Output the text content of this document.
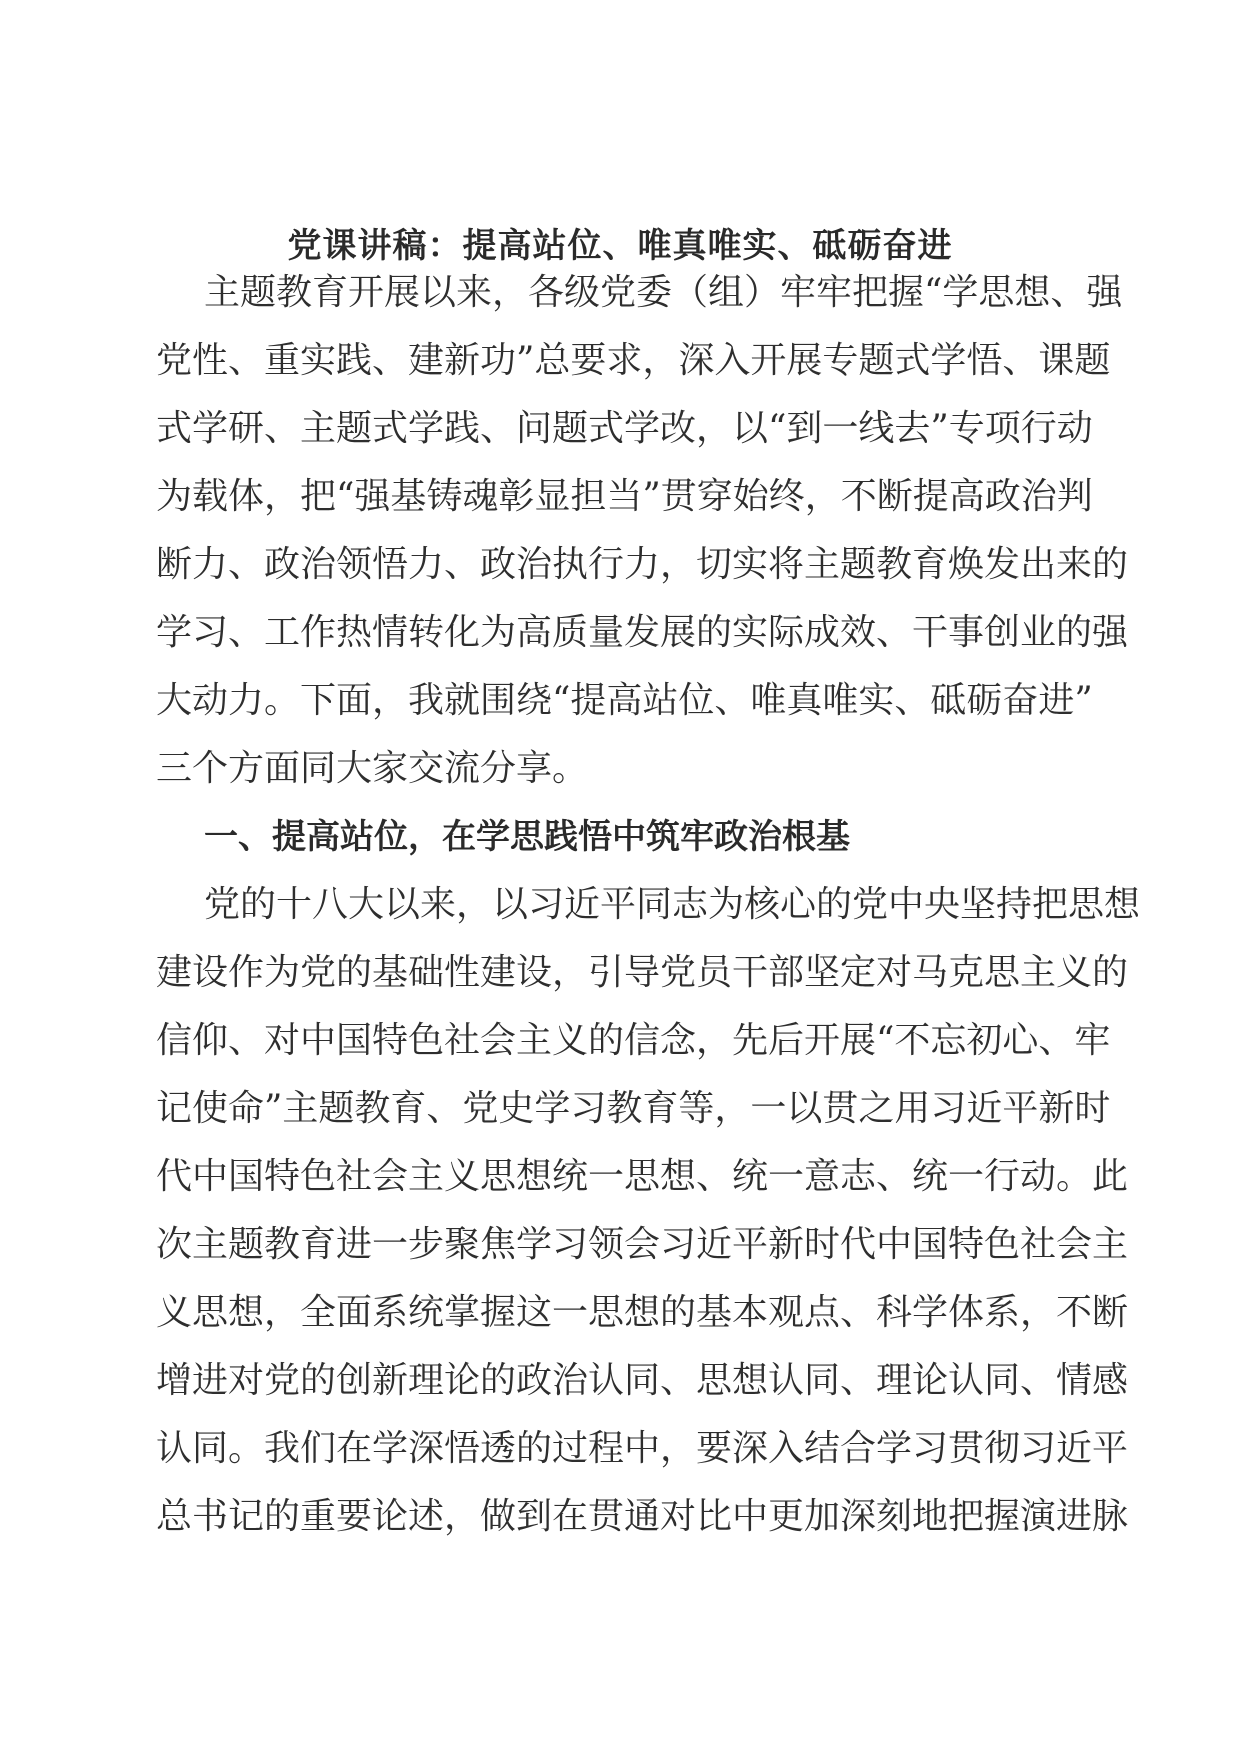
党课讲稿：提高站位、唯真唯实、砥砺奋进
主题教育开展以来，各级党委（组）牢牢把握“学思想、强
党性、重实践、建新功”总要求，深入开展专题式学悟、课题
式学研、主题式学践、问题式学改，以“到一线去”专项行动
为载体，把“强基铸魂彰显担当”贯穿始终，不断提高政治判
断力、政治领悟力、政治执行力，切实将主题教育焕发出来的
学习、工作热情转化为高质量发展的实际成效、干事创业的强
大动力。下面，我就围绕“提高站位、唯真唯实、砥砺奋进”
三个方面同大家交流分享。
一、提高站位，在学思践悟中筑牢政治根基
党的十八大以来，以习近平同志为核心的党中央坚持把思想
建设作为党的基础性建设，引导党员干部坚定对马克思主义的
信仰、对中国特色社会主义的信念，先后开展“不忘初心、牢
记使命”主题教育、党史学习教育等，一以贯之用习近平新时
代中国特色社会主义思想统一思想、统一意志、统一行动。此
次主题教育进一步聚焦学习领会习近平新时代中国特色社会主
义思想，全面系统掌握这一思想的基本观点、科学体系，不断
增进对党的创新理论的政治认同、思想认同、理论认同、情感
认同。我们在学深悟透的过程中，要深入结合学习贯彻习近平
总书记的重要论述，做到在贯通对比中更加深刻地把握演进脉
